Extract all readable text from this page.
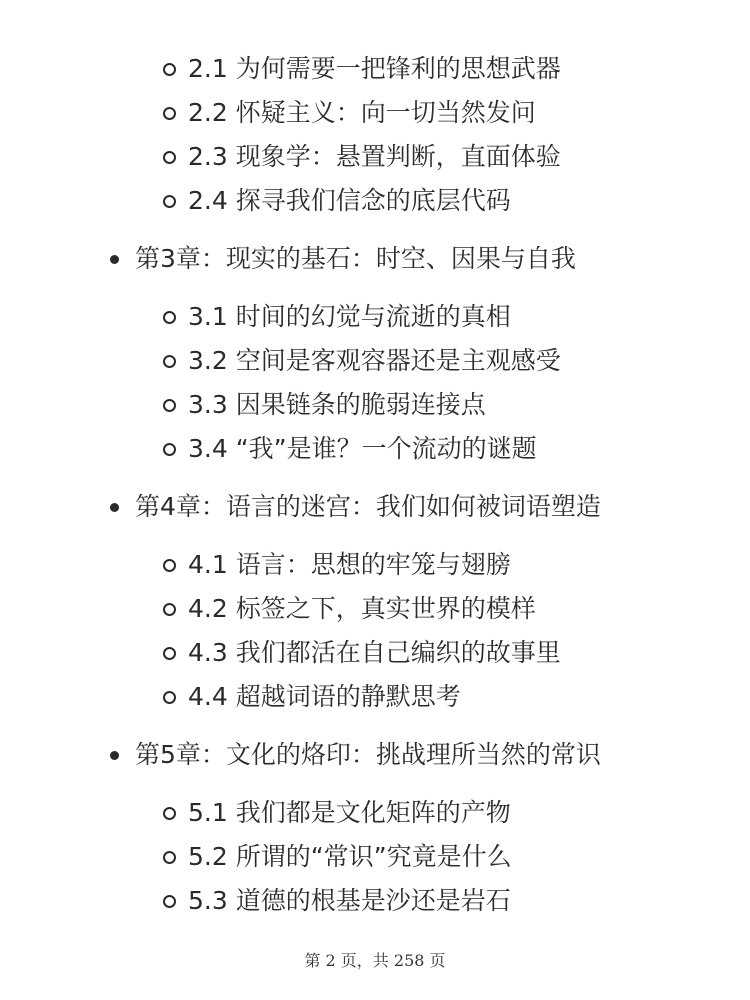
2.1 为何需要一把锋利的思想武器
2.2 怀疑主义：向一切当然发问
2.3 现象学：悬置判断，直面体验
2.4 探寻我们信念的底层代码
第3章：现实的基石：时空、因果与自我
3.1 时间的幻觉与流逝的真相
3.2 空间是客观容器还是主观感受
3.3 因果链条的脆弱连接点
3.4 “我”是谁？一个流动的谜题
第4章：语言的迷宫：我们如何被词语塑造
4.1 语言：思想的牢笼与翅膀
4.2 标签之下，真实世界的模样
4.3 我们都活在自己编织的故事里
4.4 超越词语的静默思考
第5章：文化的烙印：挑战理所当然的常识
5.1 我们都是文化矩阵的产物
5.2 所谓的“常识”究竟是什么
5.3 道德的根基是沙还是岩石
第 2 页，共 258 页
